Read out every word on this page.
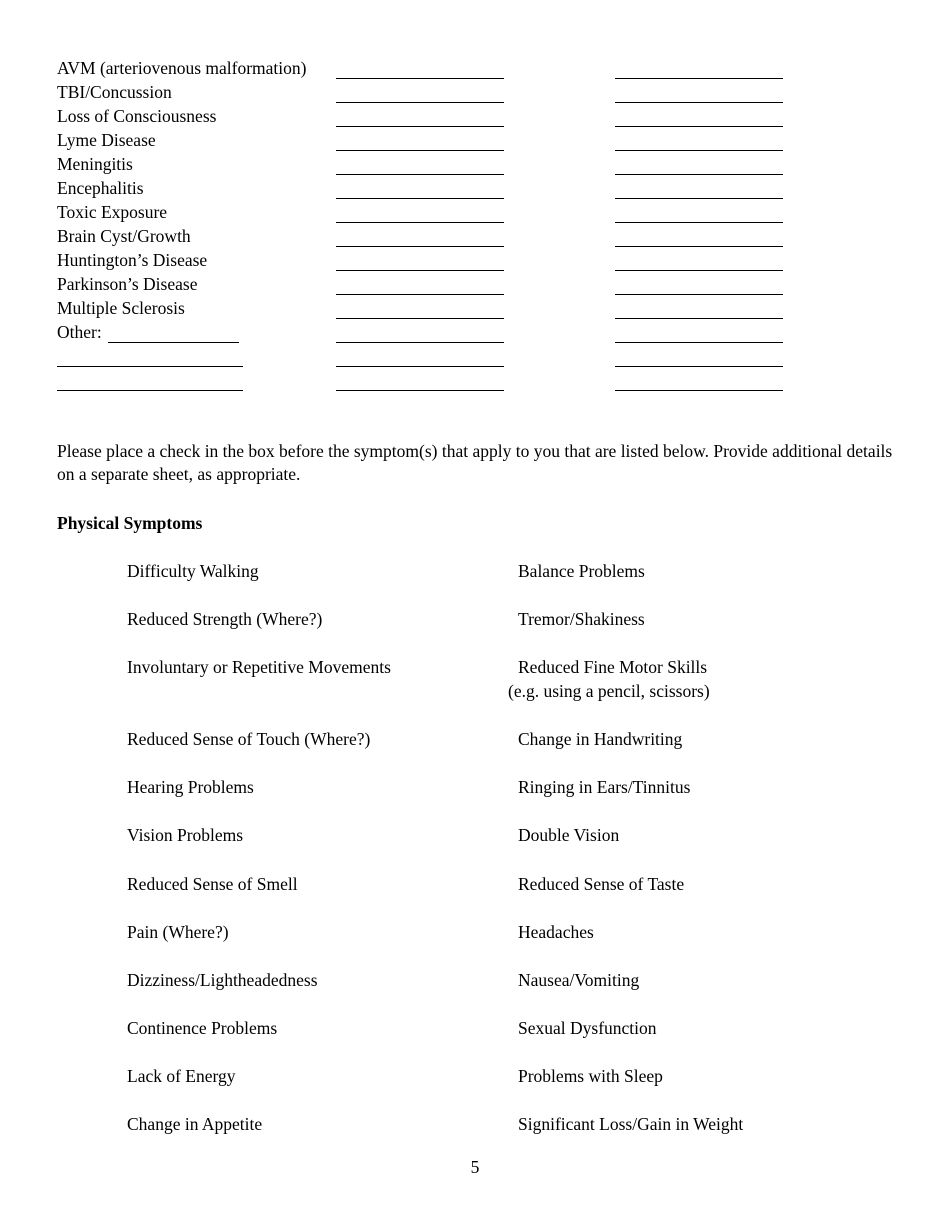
AVM (arteriovenous malformation)
TBI/Concussion
Loss of Consciousness
Lyme Disease
Meningitis
Encephalitis
Toxic Exposure
Brain Cyst/Growth
Huntington’s Disease
Parkinson’s Disease
Multiple Sclerosis
Other:
Please place a check in the box before the symptom(s) that apply to you that are listed below. Provide additional details on a separate sheet, as appropriate.
Physical Symptoms
Difficulty Walking	Balance Problems
Reduced Strength (Where?)	Tremor/Shakiness
Involuntary or Repetitive Movements	Reduced Fine Motor Skills
(e.g. using a pencil, scissors)
Reduced Sense of Touch (Where?)	Change in Handwriting
Hearing Problems	Ringing in Ears/Tinnitus
Vision Problems	Double Vision
Reduced Sense of Smell	Reduced Sense of Taste
Pain (Where?)	Headaches
Dizziness/Lightheadedness	Nausea/Vomiting
Continence Problems	Sexual Dysfunction
Lack of Energy	Problems with Sleep
Change in Appetite	Significant Loss/Gain in Weight
5
